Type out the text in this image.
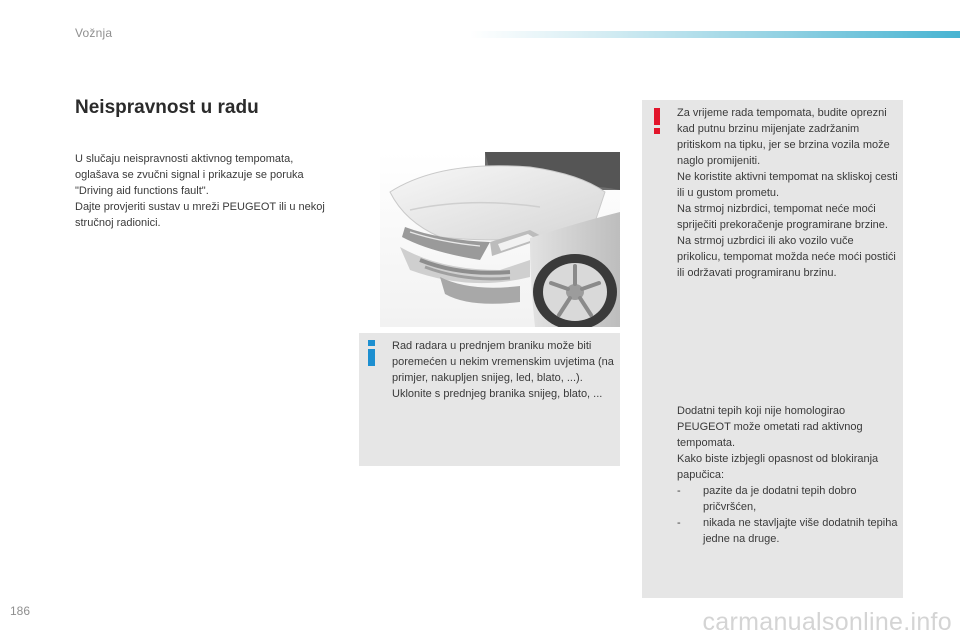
Vožnja
Neispravnost u radu

U slučaju neispravnosti aktivnog tempomata, oglašava se zvučni signal i prikazuje se poruka "Driving aid functions fault".

Dajte provjeriti sustav u mreži PEUGEOT ili u nekoj stručnoj radionici.

Rad radara u prednjem braniku može biti poremećen u nekim vremenskim uvjetima (na primjer, nakupljen snijeg, led, blato, ...).

Uklonite s prednjeg branika snijeg, blato, ...

Za vrijeme rada tempomata, budite oprezni kad putnu brzinu mijenjate zadržanim pritiskom na tipku, jer se brzina vozila može naglo promijeniti.

Ne koristite aktivni tempomat na skliskoj cesti ili u gustom prometu.

Na strmoj nizbrdici, tempomat neće moći spriječiti prekoračenje programirane brzine.

Na strmoj uzbrdici ili ako vozilo vuče prikolicu, tempomat možda neće moći postići ili održavati programiranu brzinu.

Dodatni tepih koji nije homologirao PEUGEOT može ometati rad aktivnog tempomata.

Kako biste izbjegli opasnost od blokiranja papučica:

-	pazite da je dodatni tepih dobro pričvršćen,
-	nikada ne stavljajte više dodatnih tepiha jedne na druge.
186	carmanualsonline.info
